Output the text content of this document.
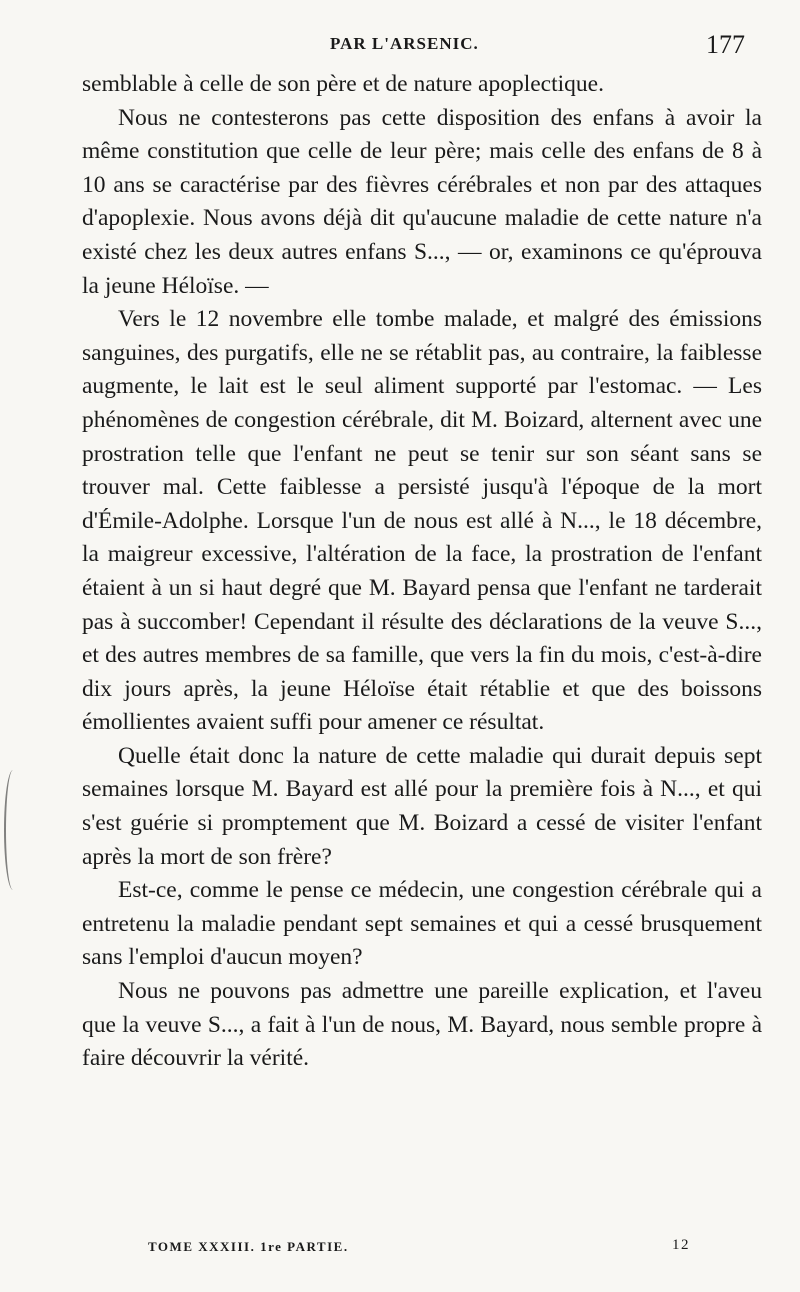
PAR L'ARSENIC.	177

semblable à celle de son père et de nature apoplectique.

Nous ne contesterons pas cette disposition des enfans à avoir la même constitution que celle de leur père; mais celle des enfans de 8 à 10 ans se caractérise par des fièvres cérébrales et non par des attaques d'apoplexie. Nous avons déjà dit qu'aucune maladie de cette nature n'a existé chez les deux autres enfans S..., — or, examinons ce qu'éprouva la jeune Héloïse. —

Vers le 12 novembre elle tombe malade, et malgré des émissions sanguines, des purgatifs, elle ne se rétablit pas, au contraire, la faiblesse augmente, le lait est le seul aliment supporté par l'estomac. — Les phénomènes de congestion cérébrale, dit M. Boizard, alternent avec une prostration telle que l'enfant ne peut se tenir sur son séant sans se trouver mal. Cette faiblesse a persisté jusqu'à l'époque de la mort d'Émile-Adolphe. Lorsque l'un de nous est allé à N..., le 18 décembre, la maigreur excessive, l'altération de la face, la prostration de l'enfant étaient à un si haut degré que M. Bayard pensa que l'enfant ne tarderait pas à succomber! Cependant il résulte des déclarations de la veuve S..., et des autres membres de sa famille, que vers la fin du mois, c'est-à-dire dix jours après, la jeune Héloïse était rétablie et que des boissons émollientes avaient suffi pour amener ce résultat.

Quelle était donc la nature de cette maladie qui durait depuis sept semaines lorsque M. Bayard est allé pour la première fois à N..., et qui s'est guérie si promptement que M. Boizard a cessé de visiter l'enfant après la mort de son frère?

Est-ce, comme le pense ce médecin, une congestion cérébrale qui a entretenu la maladie pendant sept semaines et qui a cessé brusquement sans l'emploi d'aucun moyen?

Nous ne pouvons pas admettre une pareille explication, et l'aveu que la veuve S..., a fait à l'un de nous, M. Bayard, nous semble propre à faire découvrir la vérité.

TOME XXXIII. 1re PARTIE.	12
